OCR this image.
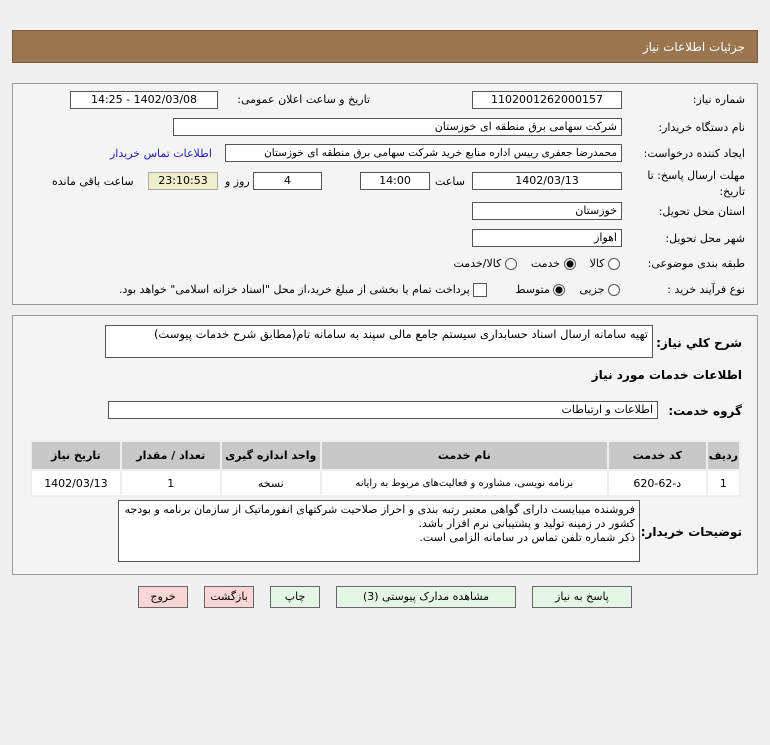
جزئیات اطلاعات نیاز
شماره نیاز:
1102001262000157
تاریخ و ساعت اعلان عمومی:
1402/03/08 - 14:25
نام دستگاه خریدار:
شرکت سهامی برق منطقه ای خوزستان
ایجاد کننده درخواست:
محمدرضا جعفری رییس اداره منابع خرید شرکت سهامی برق منطقه ای خوزستان
اطلاعات تماس خریدار
مهلت ارسال پاسخ: تا تاریخ:
1402/03/13
ساعت
14:00
4
روز و
23:10:53
ساعت باقی مانده
استان محل تحویل:
خوزستان
شهر محل تحویل:
اهواز
طبقه بندی موضوعی:
کالا     خدمت     کالا/خدمت
نوع فرآیند خرید :
جزیی     متوسط         پرداخت تمام یا بخشی از مبلغ خرید،از محل "اسناد خزانه اسلامی" خواهد بود.
شرح کلي نیاز:
تهیه سامانه ارسال اسناد حسابداری سیستم جامع مالی سپند به سامانه تام(مطابق شرح خدمات پیوست)
اطلاعات خدمات مورد نیاز
گروه خدمت:
اطلاعات و ارتباطات
ردیف	کد خدمت	نام خدمت	واحد اندازه گیری	تعداد / مقدار	تاریخ نیاز
1	د-62-620	برنامه نویسی، مشاوره و فعالیت‌های مربوط به رایانه	نسخه	1	1402/03/13
توضیحات خریدار:
فروشنده میبایست دارای گواهی معتبر رتبه بندی و احراز صلاحیت شرکتهای انفورماتیک از سازمان برنامه و بودجه کشور در زمینه تولید و پشتیبانی نرم افزار باشد.
ذکر شماره تلفن تماس در سامانه الزامی است.
پاسخ به نیاز
مشاهده مدارک پیوستی (3)
چاپ
بازگشت
خروج
